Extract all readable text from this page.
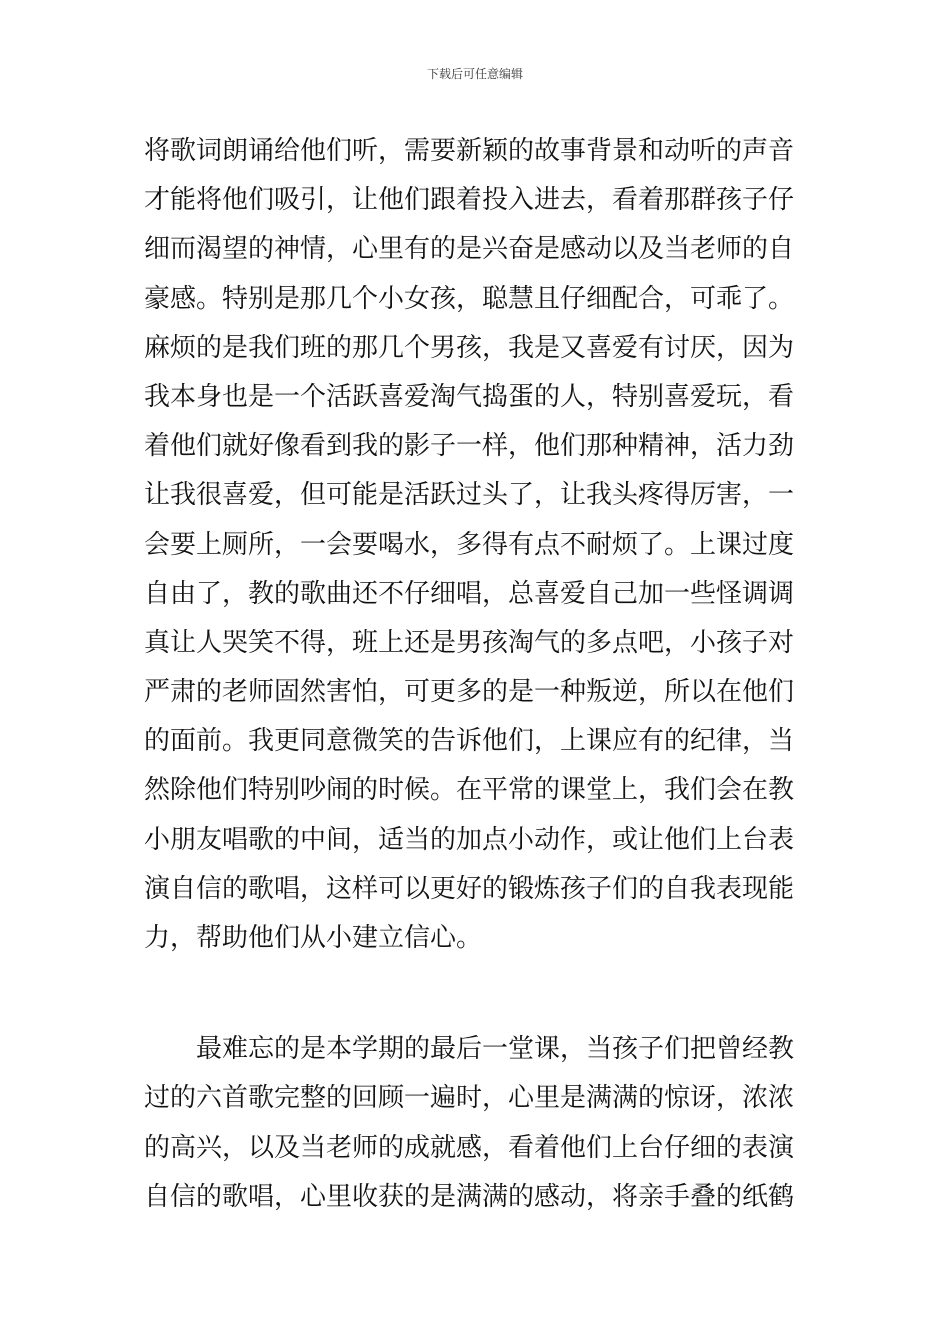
下载后可任意编辑
将歌词朗诵给他们听，需要新颖的故事背景和动听的声音
才能将他们吸引，让他们跟着投入进去，看着那群孩子仔
细而渴望的神情，心里有的是兴奋是感动以及当老师的自
豪感。特别是那几个小女孩，聪慧且仔细配合，可乖了。
麻烦的是我们班的那几个男孩，我是又喜爱有讨厌，因为
我本身也是一个活跃喜爱淘气捣蛋的人，特别喜爱玩，看
着他们就好像看到我的影子一样，他们那种精神，活力劲
让我很喜爱，但可能是活跃过头了，让我头疼得厉害，一
会要上厕所，一会要喝水，多得有点不耐烦了。上课过度
自由了，教的歌曲还不仔细唱，总喜爱自己加一些怪调调
真让人哭笑不得，班上还是男孩淘气的多点吧，小孩子对
严肃的老师固然害怕，可更多的是一种叛逆，所以在他们
的面前。我更同意微笑的告诉他们，上课应有的纪律，当
然除他们特别吵闹的时候。在平常的课堂上，我们会在教
小朋友唱歌的中间，适当的加点小动作，或让他们上台表
演自信的歌唱，这样可以更好的锻炼孩子们的自我表现能
力，帮助他们从小建立信心。
　　最难忘的是本学期的最后一堂课，当孩子们把曾经教
过的六首歌完整的回顾一遍时，心里是满满的惊讶，浓浓
的高兴，以及当老师的成就感，看着他们上台仔细的表演
自信的歌唱，心里收获的是满满的感动，将亲手叠的纸鹤
